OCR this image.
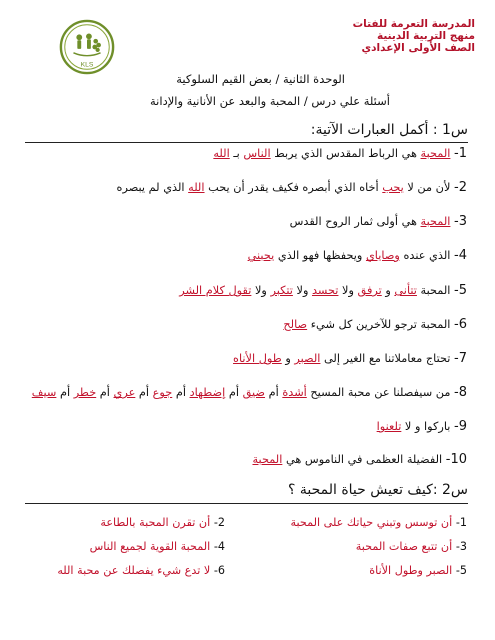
KLS
المدرسة التعرمة للفتات
منهج التربية الدينية
الصف الأولى الإعدادي
الوحدة الثانية / بعض القيم السلوكية
أسئلة علي درس / المحبة والبعد عن الأنانية والإدانة
س1 : أكمل العبارات الآتية:
1- المحبة هي الرباط المقدس الذي يربط الناس بـ الله
2- لأن من لا يحب أخاه الذي أبصره فكيف يقدر أن يحب الله الذي لم يبصره
3- المحبة هي أولى ثمار الروح القدس
4- الذي عنده وصاياي ويحفظها فهو الذي يحبني
5- المحبة تتأنى و ترفق ولا تحسد ولا تتكبر ولا تقول كلام الشر
6- المحبة ترجو للآخرين كل شيء صالح
7- تحتاج معاملاتنا مع الغير إلى الصبر و طول الأناه
8- من سيفصلنا عن محبة المسيح أشدة أم ضيق أم إضطهاد أم جوع أم عري أم خطر أم سيف
9- باركوا و لا تلعنوا
10- الفضيلة العظمى في الناموس هي المحبة
س2 :كيف تعيش حياة المحبة ؟
1- أن توسس وتبني حياتك على المحبة
2- أن تقرن المحبة بالطاعة
3- أن تتبع صفات المحبة
4- المحبة القوية لجميع الناس
5- الصبر وطول الأناة
6- لا تدع شيء يفصلك عن محبة الله
